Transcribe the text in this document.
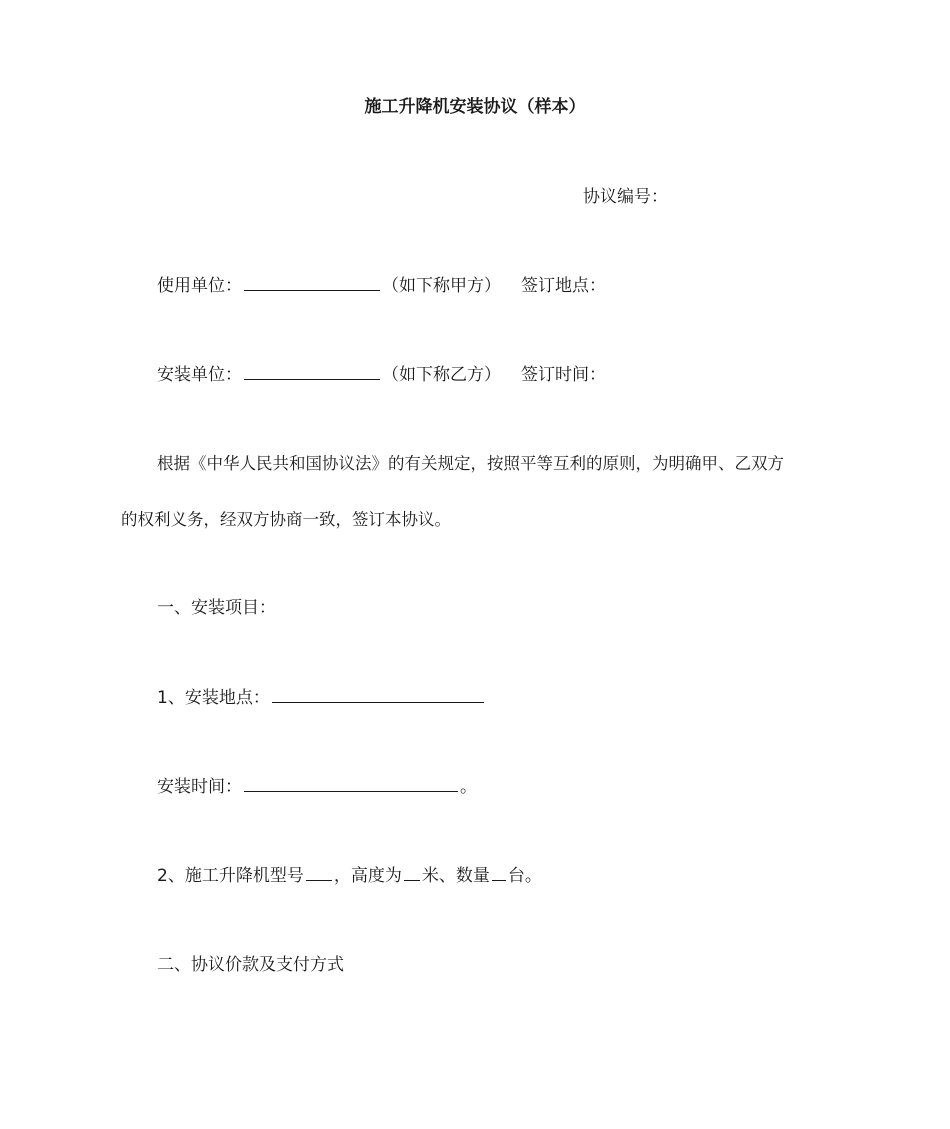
施工升降机安装协议（样本）
协议编号：
使用单位：	（如下称甲方） 签订地点：
安装单位：	（如下称乙方） 签订时间：
根据《中华人民共和国协议法》的有关规定，按照平等互利的原则，为明确甲、乙双方
的权利义务，经双方协商一致，签订本协议。
一、安装项目：
1、安装地点：
安装时间：	。
2、施工升降机型号 ，高度为 米、数量 台。
二、协议价款及支付方式
